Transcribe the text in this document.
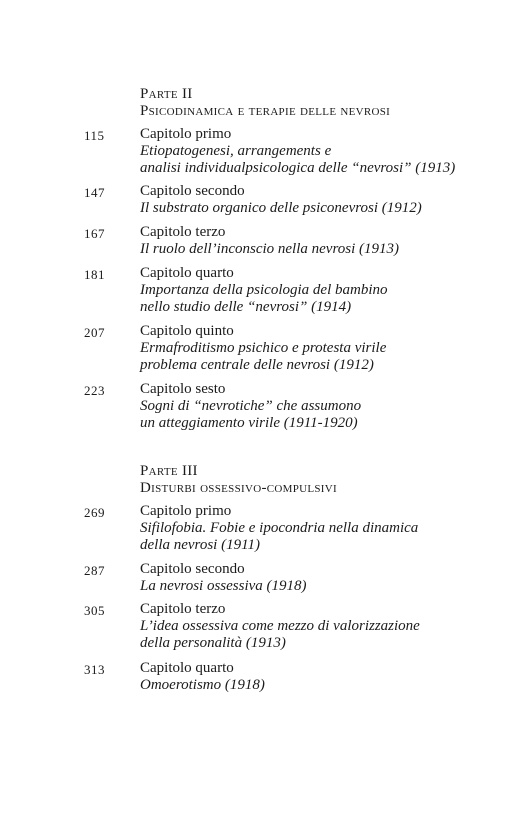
Parte II
Psicodinamica e terapie delle nevrosi
115 Capitolo primo
Etiopatogenesi, arrangements e
analisi individualpsicologica delle “nevrosi” (1913)
147 Capitolo secondo
Il substrato organico delle psiconevrosi (1912)
167 Capitolo terzo
Il ruolo dell’inconscio nella nevrosi (1913)
181 Capitolo quarto
Importanza della psicologia del bambino
nello studio delle “nevrosi” (1914)
207 Capitolo quinto
Ermafroditismo psichico e protesta virile
problema centrale delle nevrosi (1912)
223 Capitolo sesto
Sogni di “nevrotiche” che assumono
un atteggiamento virile (1911-1920)
Parte III
Disturbi ossessivo-compulsivi
269 Capitolo primo
Sifilofobia. Fobie e ipocondria nella dinamica
della nevrosi (1911)
287 Capitolo secondo
La nevrosi ossessiva (1918)
305 Capitolo terzo
L’idea ossessiva come mezzo di valorizzazione
della personalità (1913)
313 Capitolo quarto
Omoerotismo (1918)
